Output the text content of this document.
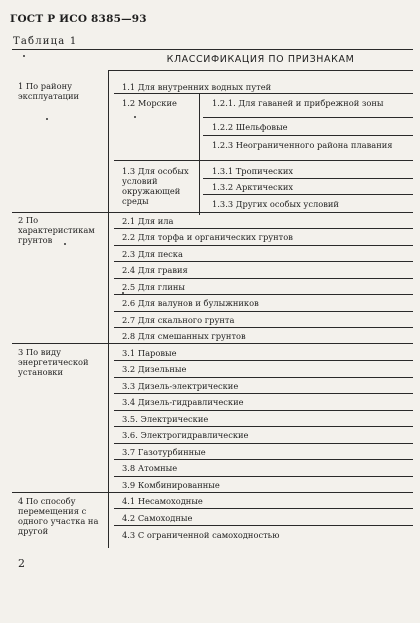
ГОСТ Р ИСО 8385—93
Таблица 1
КЛАССИФИКАЦИЯ ПО ПРИЗНАКАМ
1 По району эксплуатации
1.1 Для внутренних водных путей
1.2 Морские	1.2.1. Для гаваней и прибрежной зоны
1.2.2 Шельфовые
1.2.3 Неограниченного района плавания
1.3 Для особых условий окружающей среды
1.3.1 Тропических
1.3.2 Арктических
1.3.3 Других особых условий
2 По характеристикам грунтов
2.1 Для ила
2.2 Для торфа и органических грунтов
2.3 Для песка
2.4 Для гравия
2.5 Для глины
2.6 Для валунов и булыжников
2.7 Для скального грунта
2.8 Для смешанных грунтов
3 По виду энергетической установки
3.1 Паровые
3.2 Дизельные
3.3 Дизель-электрические
3.4 Дизель-гидравлические
3.5. Электрические
3.6. Электрогидравлические
3.7 Газотурбинные
3.8 Атомные
3.9 Комбинированные
4 По способу перемещения с одного участка на другой
4.1 Несамоходные
4.2 Самоходные
4.3 С ограниченной самоходностью
2
